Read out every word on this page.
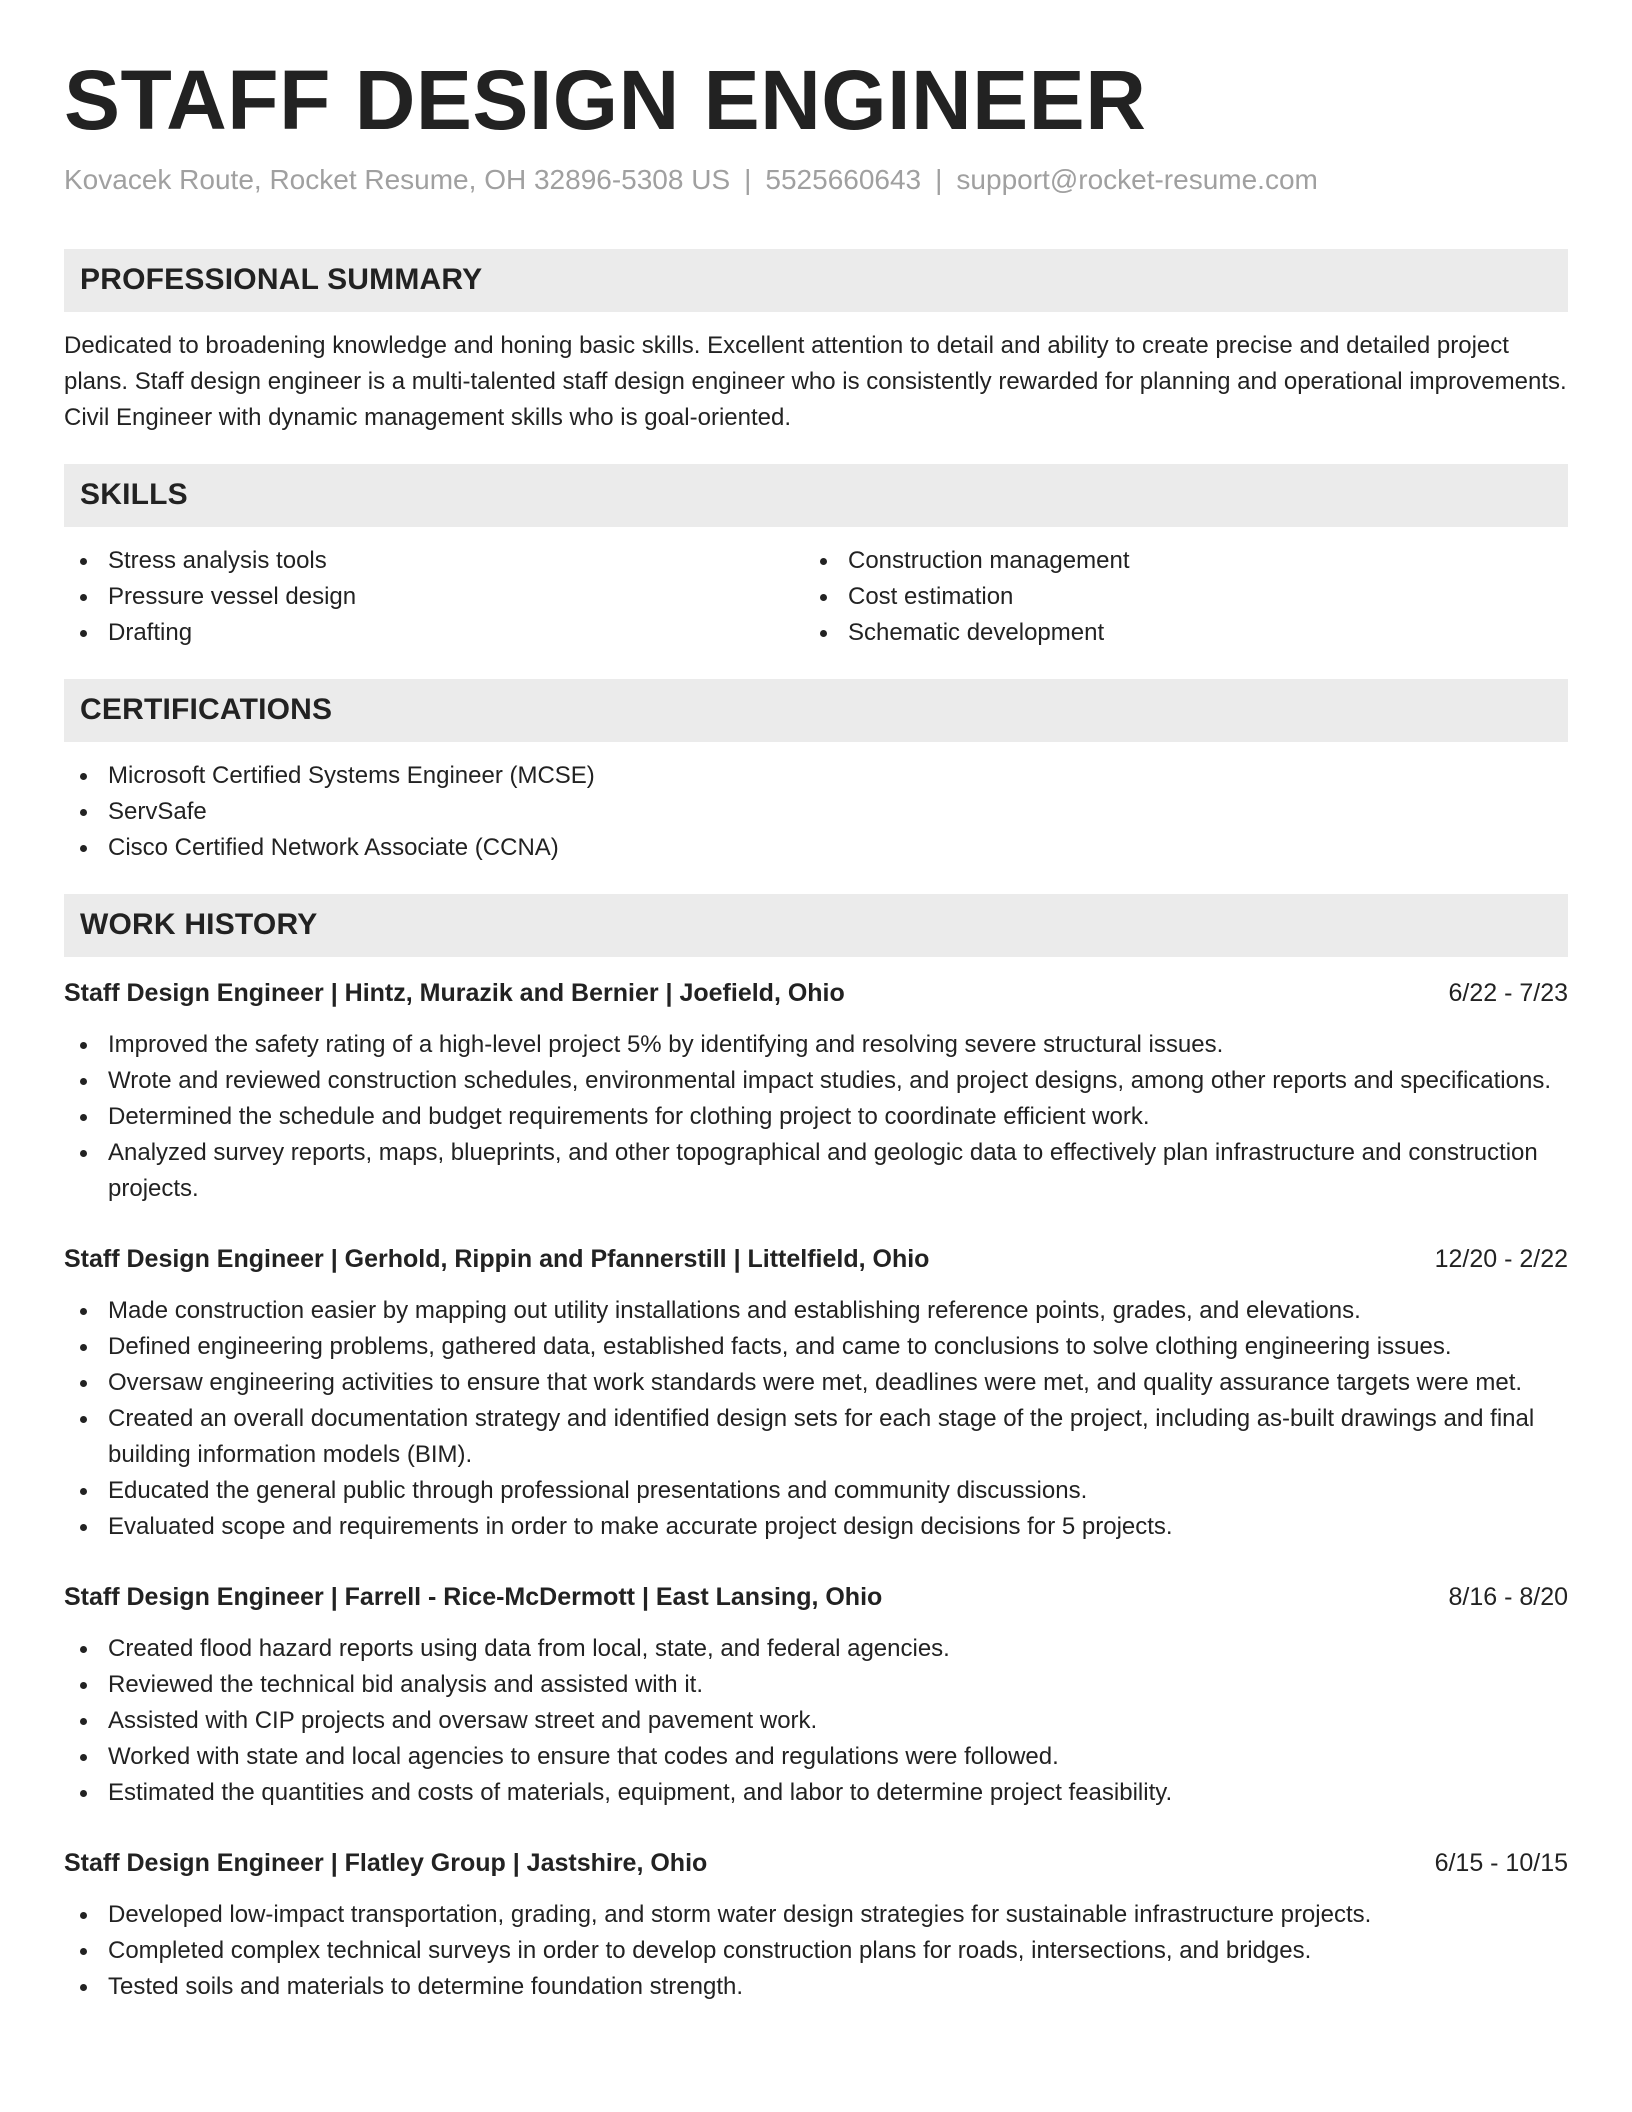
STAFF DESIGN ENGINEER
Kovacek Route, Rocket Resume, OH 32896-5308 US | 5525660643 | support@rocket-resume.com
PROFESSIONAL SUMMARY

Dedicated to broadening knowledge and honing basic skills. Excellent attention to detail and ability to create precise and detailed project plans. Staff design engineer is a multi-talented staff design engineer who is consistently rewarded for planning and operational improvements. Civil Engineer with dynamic management skills who is goal-oriented.

SKILLS
Stress analysis tools
Pressure vessel design
Drafting
Construction management
Cost estimation
Schematic development
CERTIFICATIONS
Microsoft Certified Systems Engineer (MCSE)
ServSafe
Cisco Certified Network Associate (CCNA)
WORK HISTORY
Staff Design Engineer | Hintz, Murazik and Bernier | Joefield, Ohio	6/22 - 7/23
Improved the safety rating of a high-level project 5% by identifying and resolving severe structural issues.
Wrote and reviewed construction schedules, environmental impact studies, and project designs, among other reports and specifications.
Determined the schedule and budget requirements for clothing project to coordinate efficient work.
Analyzed survey reports, maps, blueprints, and other topographical and geologic data to effectively plan infrastructure and construction projects.
Staff Design Engineer | Gerhold, Rippin and Pfannerstill | Littelfield, Ohio	12/20 - 2/22
Made construction easier by mapping out utility installations and establishing reference points, grades, and elevations.
Defined engineering problems, gathered data, established facts, and came to conclusions to solve clothing engineering issues.
Oversaw engineering activities to ensure that work standards were met, deadlines were met, and quality assurance targets were met.
Created an overall documentation strategy and identified design sets for each stage of the project, including as-built drawings and final building information models (BIM).
Educated the general public through professional presentations and community discussions.
Evaluated scope and requirements in order to make accurate project design decisions for 5 projects.
Staff Design Engineer | Farrell - Rice-McDermott | East Lansing, Ohio	8/16 - 8/20
Created flood hazard reports using data from local, state, and federal agencies.
Reviewed the technical bid analysis and assisted with it.
Assisted with CIP projects and oversaw street and pavement work.
Worked with state and local agencies to ensure that codes and regulations were followed.
Estimated the quantities and costs of materials, equipment, and labor to determine project feasibility.
Staff Design Engineer | Flatley Group | Jastshire, Ohio	6/15 - 10/15
Developed low-impact transportation, grading, and storm water design strategies for sustainable infrastructure projects.
Completed complex technical surveys in order to develop construction plans for roads, intersections, and bridges.
Tested soils and materials to determine foundation strength.
